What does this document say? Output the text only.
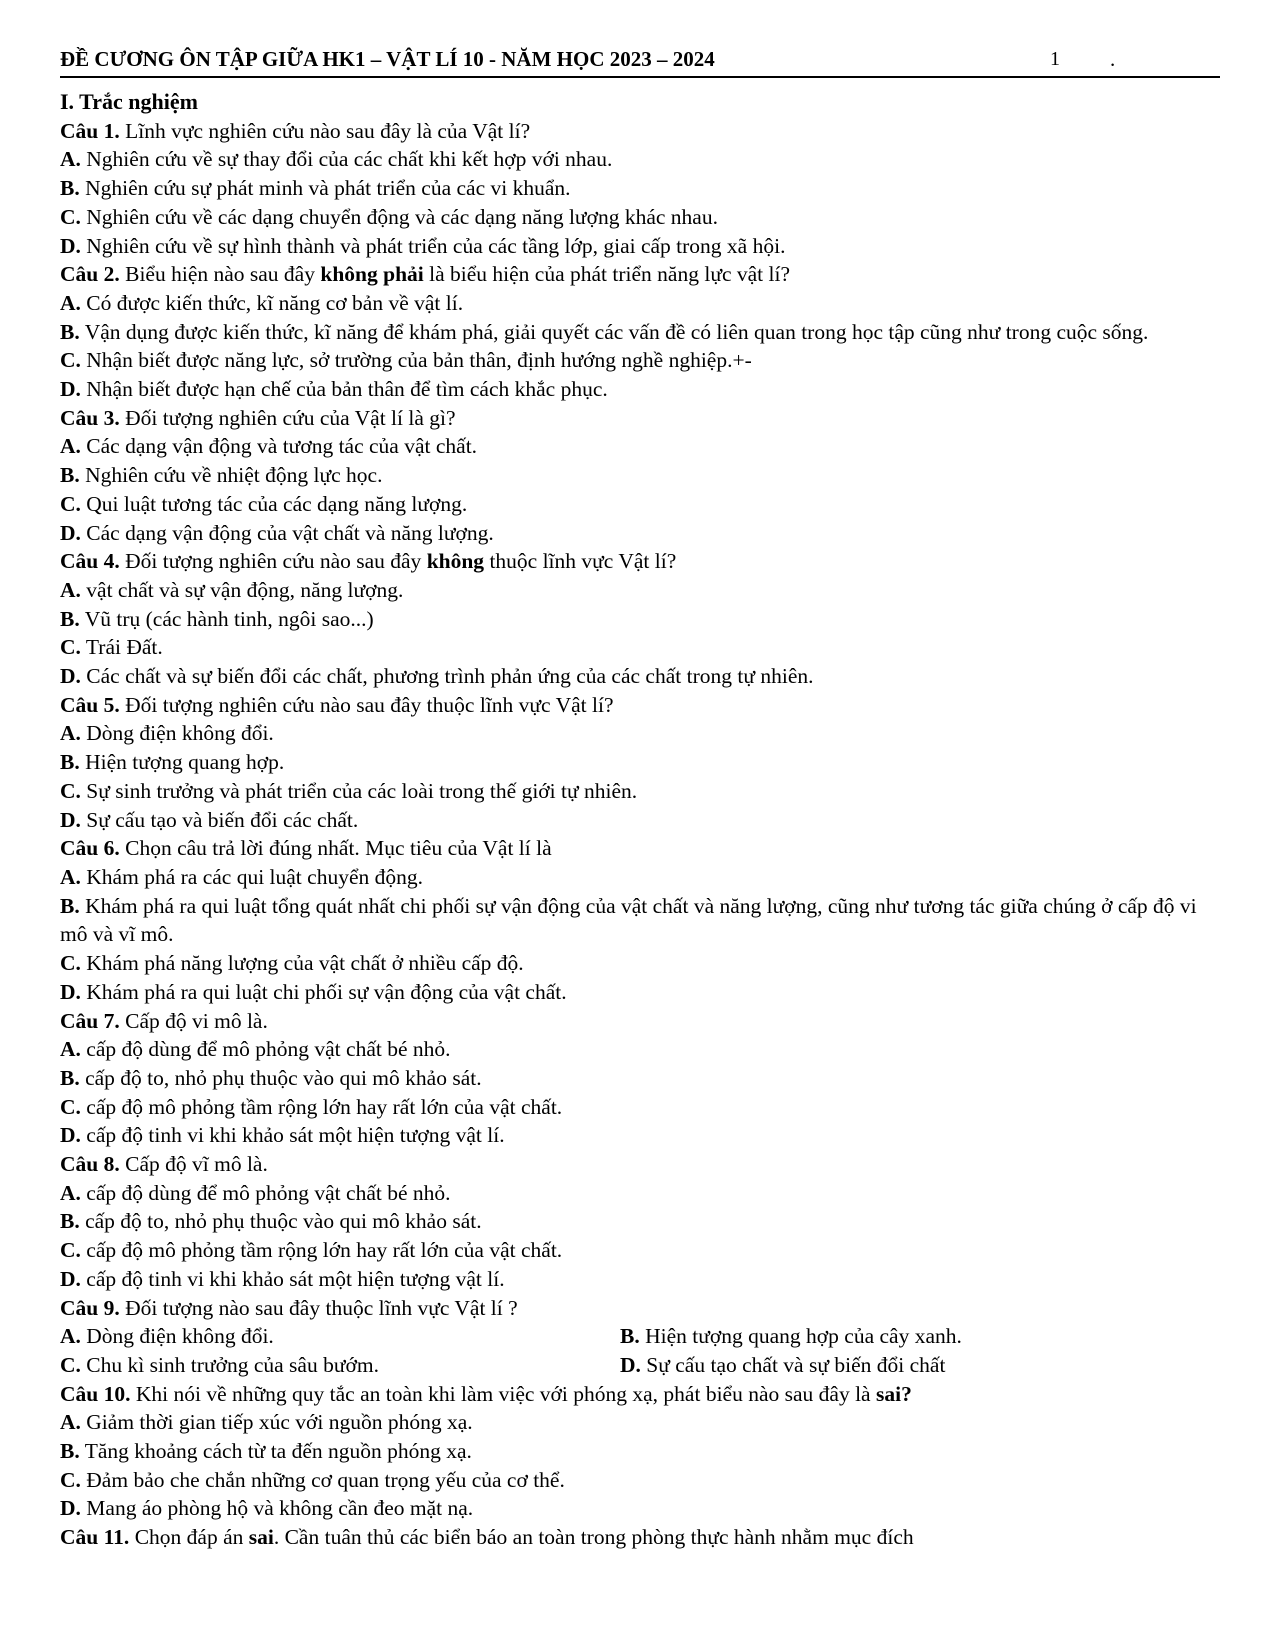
ĐỀ CƯƠNG ÔN TẬP GIỮA HK1 – VẬT LÍ 10 - NĂM HỌC 2023 – 2024	1 .
I. Trắc nghiệm
Câu 1. Lĩnh vực nghiên cứu nào sau đây là của Vật lí?
A. Nghiên cứu về sự thay đổi của các chất khi kết hợp với nhau.
B. Nghiên cứu sự phát minh và phát triển của các vi khuẩn.
C. Nghiên cứu về các dạng chuyển động và các dạng năng lượng khác nhau.
D. Nghiên cứu về sự hình thành và phát triển của các tầng lớp, giai cấp trong xã hội.
Câu 2. Biểu hiện nào sau đây không phải là biểu hiện của phát triển năng lực vật lí?
A. Có được kiến thức, kĩ năng cơ bản về vật lí.
B. Vận dụng được kiến thức, kĩ năng để khám phá, giải quyết các vấn đề có liên quan trong học tập cũng như trong cuộc sống.
C. Nhận biết được năng lực, sở trường của bản thân, định hướng nghề nghiệp.+-
D. Nhận biết được hạn chế của bản thân để tìm cách khắc phục.
Câu 3. Đối tượng nghiên cứu của Vật lí là gì?
A. Các dạng vận động và tương tác của vật chất.
B. Nghiên cứu về nhiệt động lực học.
C. Qui luật tương tác của các dạng năng lượng.
D. Các dạng vận động của vật chất và năng lượng.
Câu 4. Đối tượng nghiên cứu nào sau đây không thuộc lĩnh vực Vật lí?
A. vật chất và sự vận động, năng lượng.
B. Vũ trụ (các hành tinh, ngôi sao...)
C. Trái Đất.
D. Các chất và sự biến đổi các chất, phương trình phản ứng của các chất trong tự nhiên.
Câu 5. Đối tượng nghiên cứu nào sau đây thuộc lĩnh vực Vật lí?
A. Dòng điện không đổi.
B. Hiện tượng quang hợp.
C. Sự sinh trưởng và phát triển của các loài trong thế giới tự nhiên.
D. Sự cấu tạo và biến đổi các chất.
Câu 6. Chọn câu trả lời đúng nhất. Mục tiêu của Vật lí là
A. Khám phá ra các qui luật chuyển động.
B. Khám phá ra qui luật tổng quát nhất chi phối sự vận động của vật chất và năng lượng, cũng như tương tác giữa chúng ở cấp độ vi mô và vĩ mô.
C. Khám phá năng lượng của vật chất ở nhiều cấp độ.
D. Khám phá ra qui luật chi phối sự vận động của vật chất.
Câu 7. Cấp độ vi mô là.
A. cấp độ dùng để mô phỏng vật chất bé nhỏ.
B. cấp độ to, nhỏ phụ thuộc vào qui mô khảo sát.
C. cấp độ mô phỏng tầm rộng lớn hay rất lớn của vật chất.
D. cấp độ tinh vi khi khảo sát một hiện tượng vật lí.
Câu 8. Cấp độ vĩ mô là.
A. cấp độ dùng để mô phỏng vật chất bé nhỏ.
B. cấp độ to, nhỏ phụ thuộc vào qui mô khảo sát.
C. cấp độ mô phỏng tầm rộng lớn hay rất lớn của vật chất.
D. cấp độ tinh vi khi khảo sát một hiện tượng vật lí.
Câu 9. Đối tượng nào sau đây thuộc lĩnh vực Vật lí ?
A. Dòng điện không đổi.	B. Hiện tượng quang hợp của cây xanh.
C. Chu kì sinh trưởng của sâu bướm.	D. Sự cấu tạo chất và sự biến đổi chất
Câu 10. Khi nói về những quy tắc an toàn khi làm việc với phóng xạ, phát biểu nào sau đây là sai?
A. Giảm thời gian tiếp xúc với nguồn phóng xạ.
B. Tăng khoảng cách từ ta đến nguồn phóng xạ.
C. Đảm bảo che chắn những cơ quan trọng yếu của cơ thể.
D. Mang áo phòng hộ và không cần đeo mặt nạ.
Câu 11. Chọn đáp án sai. Cần tuân thủ các biển báo an toàn trong phòng thực hành nhằm mục đích
